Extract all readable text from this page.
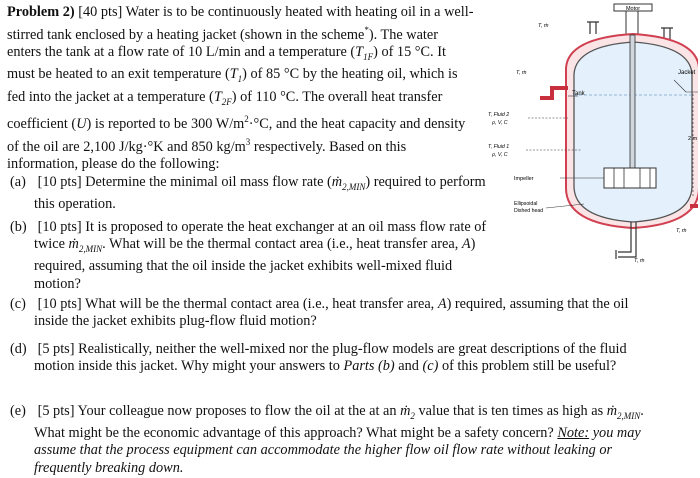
Problem 2) [40 pts] Water is to be continuously heated with heating oil in a well-stirred tank enclosed by a heating jacket (shown in the scheme*). The water enters the tank at a flow rate of 10 L/min and a temperature $(T_{1F})$ of 15 °C. It must be heated to an exit temperature $(T_1)$ of 85 °C by the heating oil, which is fed into the jacket at a temperature $(T_{2F})$ of 110 °C. The overall heat transfer coefficient (U) is reported to be 300 $W/m^2\cdot^\circ C$, and the heat capacity and density of the oil are 2,100 J/kg·°K and 850 $kg/m^3$ respectively. Based on this information, please do the following:

(a) [10 pts] Determine the minimal oil mass flow rate (ṁ$_{2,MIN}$) required to perform this operation.

(b) [10 pts] It is proposed to operate the heat exchanger at an oil mass flow rate of twice ṁ$_{2,MIN}$. What will be the thermal contact area (i.e., heat transfer area, A) required, assuming that the oil inside the jacket exhibits well-mixed fluid motion?

(c) [10 pts] What will be the thermal contact area (i.e., heat transfer area, A) required, assuming that the oil inside the jacket exhibits plug-flow fluid motion?

(d) [5 pts] Realistically, neither the well-mixed nor the plug-flow models are great descriptions of the fluid motion inside this jacket. Why might your answers to Parts (b) and (c) of this problem still be useful?

(e) [5 pts] Your colleague now proposes to flow the oil at the at an ṁ$_2$ value that is ten times as high as ṁ$_{2,MIN}$. What might be the economic advantage of this approach? What might be a safety concern? Note: you may assume that the process equipment can accommodate the higher flow oil flow rate without leaking or frequently breaking down.

Motor
T, ṁ
Impeller
T, ṁ
Tank
Jacket
2 m
T, Fluid 2 ρ, V, C
T, Fluid 1 ρ, V, C
Ellipsoidal Dished head
T, ṁ
T, ṁ
